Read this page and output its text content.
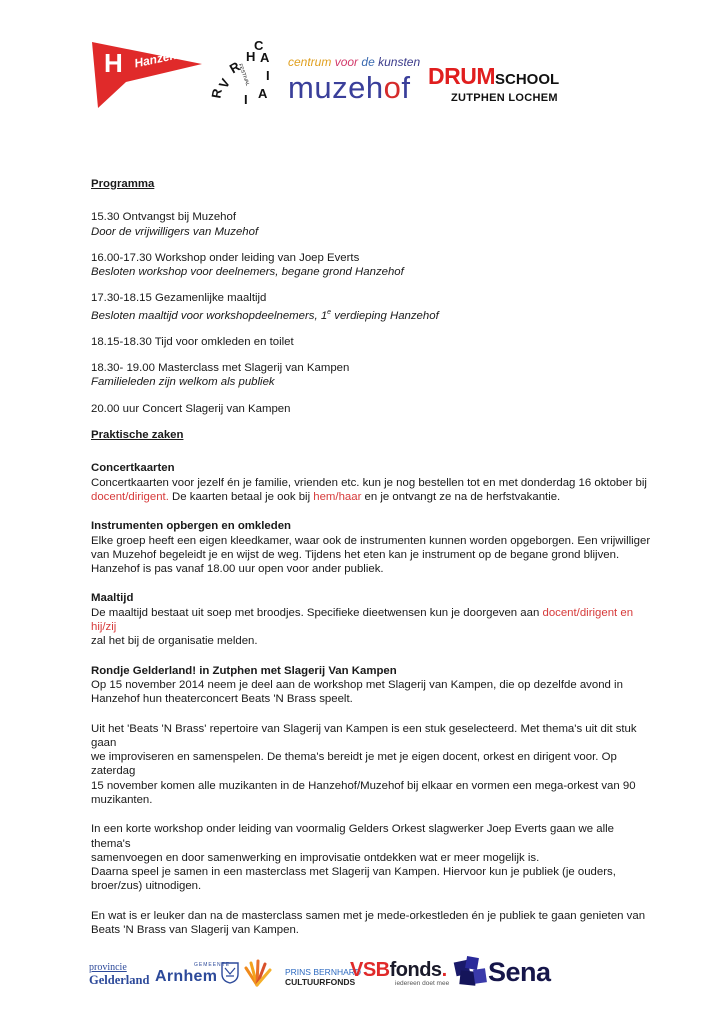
H Hanzehof
C
H A
R I
V
A
R I
FESTIVAL
centrum voor de kunsten
muzehof DRUMSCHOOL
ZUTPHEN LOCHEM

Programma

15.30 Ontvangst bij Muzehof

Door de vrijwilligers van Muzehof

16.00-17.30 Workshop onder leiding van Joep Everts

Besloten workshop voor deelnemers, begane grond Hanzehof

17.30-18.15 Gezamenlijke maaltijd

Besloten maaltijd voor workshopdeelnemers, 1e verdieping Hanzehof

18.15-18.30 Tijd voor omkleden en toilet

18.30- 19.00 Masterclass met Slagerij van Kampen

Familieleden zijn welkom als publiek

20.00 uur Concert Slagerij van Kampen

Praktische zaken

Concertkaarten

Concertkaarten voor jezelf én je familie, vrienden etc. kun je nog bestellen tot en met donderdag 16 oktober bij

docent/dirigent. De kaarten betaal je ook bij hem/haar en je ontvangt ze na de herfstvakantie.

Instrumenten opbergen en omkleden

Elke groep heeft een eigen kleedkamer, waar ook de instrumenten kunnen worden opgeborgen. Een vrijwilliger

van Muzehof begeleidt je en wijst de weg. Tijdens het eten kan je instrument op de begane grond blijven.

Hanzehof is pas vanaf 18.00 uur open voor ander publiek.

Maaltijd

De maaltijd bestaat uit soep met broodjes. Specifieke dieetwensen kun je doorgeven aan docent/dirigent en hij/zij

zal het bij de organisatie melden.

Rondje Gelderland! in Zutphen met Slagerij Van Kampen

Op 15 november 2014 neem je deel aan de workshop met Slagerij van Kampen, die op dezelfde avond in

Hanzehof hun theaterconcert Beats 'N Brass speelt.

Uit het 'Beats 'N Brass' repertoire van Slagerij van Kampen is een stuk geselecteerd. Met thema's uit dit stuk gaan

we improviseren en samenspelen. De thema's bereidt je met je eigen docent, orkest en dirigent voor. Op zaterdag

15 november komen alle muzikanten in de Hanzehof/Muzehof bij elkaar en vormen een mega-orkest van 90

muzikanten.

In een korte workshop onder leiding van voormalig Gelders Orkest slagwerker Joep Everts gaan we alle thema's

samenvoegen en door samenwerking en improvisatie ontdekken wat er meer mogelijk is.

Daarna speel je samen in een masterclass met Slagerij van Kampen. Hiervoor kun je publiek (je ouders,

broer/zus) uitnodigen.

En wat is er leuker dan na de masterclass samen met je mede-orkestleden én je publiek te gaan genieten van

Beats 'N Brass van Slagerij van Kampen.

provincie
Gelderland
GEMEENTE
Arnhem	PRINS BERNHARD
CULTUURFONDS
VSBfonds.
iedereen doet mee Sena
